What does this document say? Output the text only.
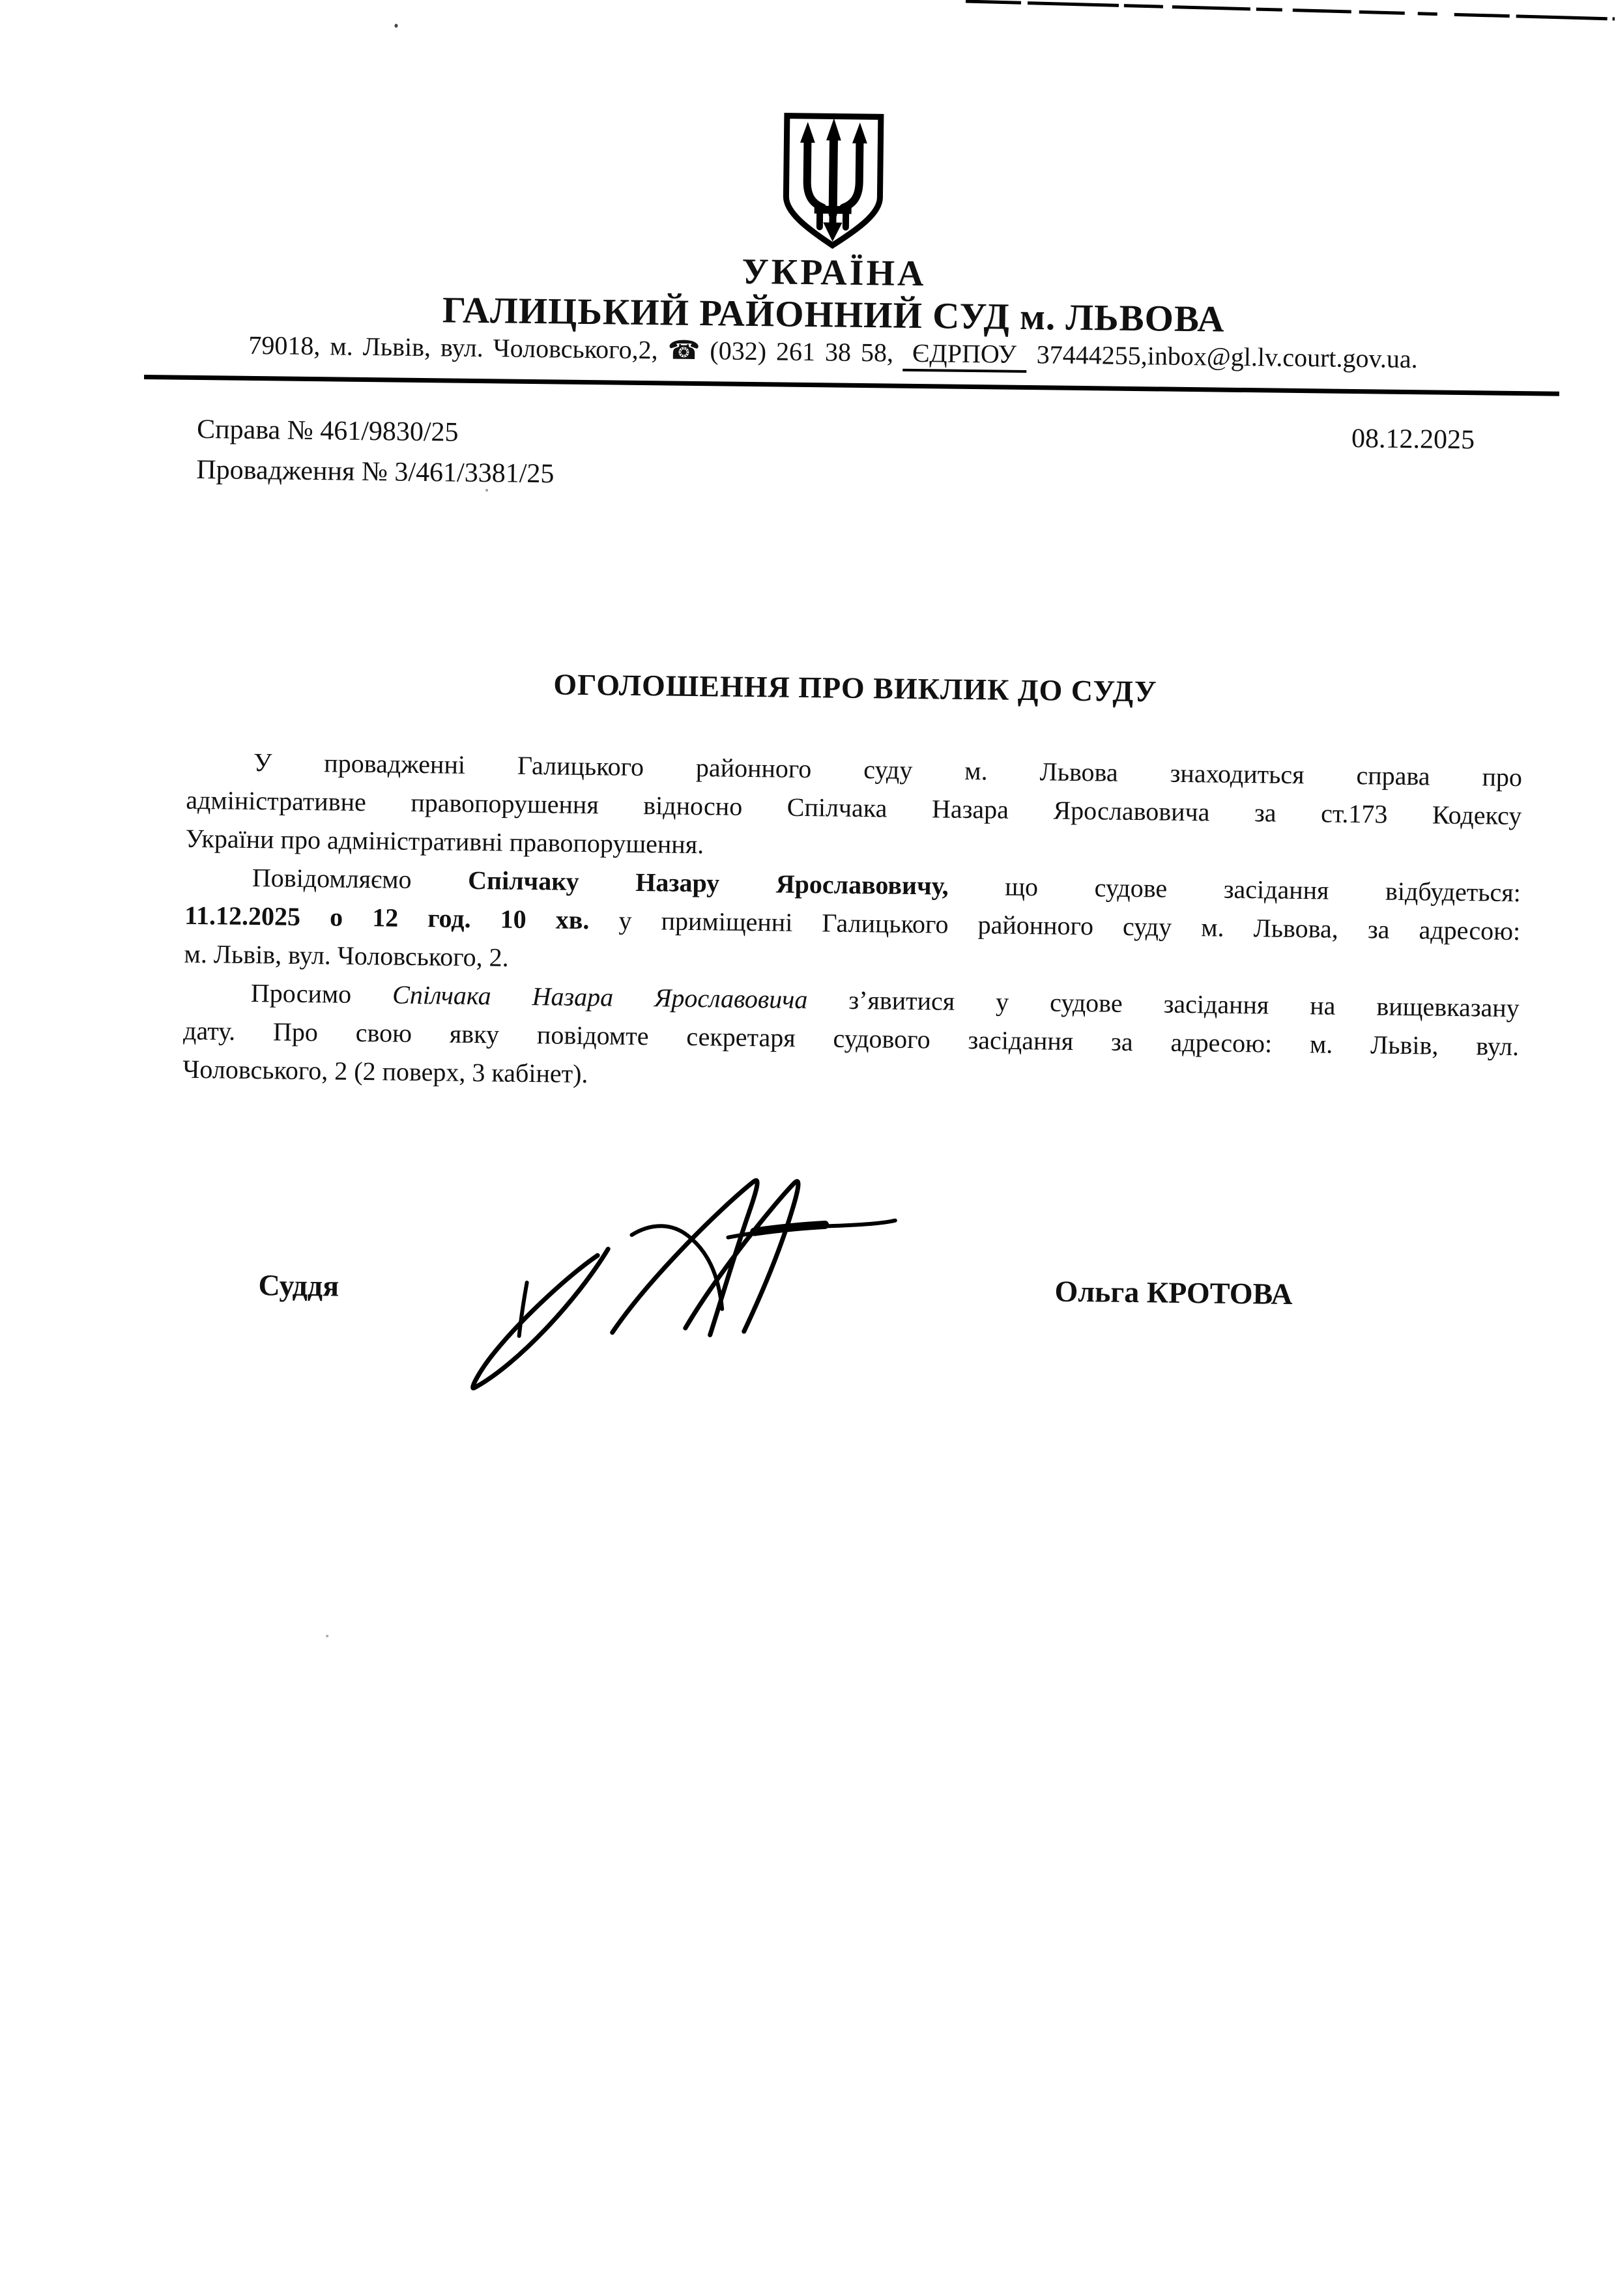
УКРАЇНА
ГАЛИЦЬКИЙ РАЙОННИЙ СУД м. ЛЬВОВА
79018, м. Львів, вул. Чоловського,2, ☎ (032) 261 38 58, ЄДРПОУ 37444255,inbox@gl.lv.court.gov.ua.
Справа № 461/9830/25
Провадження № 3/461/3381/25
08.12.2025
ОГОЛОШЕННЯ ПРО ВИКЛИК ДО СУДУ
У провадженні Галицького районного суду м. Львова знаходиться справа про
адміністративне правопорушення відносно Спілчака Назара Ярославовича за ст.173 Кодексу
України про адміністративні правопорушення.
Повідомляємо Спілчаку Назару Ярославовичу, що судове засідання відбудеться:
11.12.2025 о 12 год. 10 хв. у приміщенні Галицького районного суду м. Львова, за адресою:
м. Львів, вул. Чоловського, 2.
Просимо Спілчака Назара Ярославовича з’явитися у судове засідання на вищевказану
дату. Про свою явку повідомте секретаря судового засідання за адресою: м. Львів, вул.
Чоловського, 2 (2 поверх, 3 кабінет).
Суддя	Ольга КРОТОВА
